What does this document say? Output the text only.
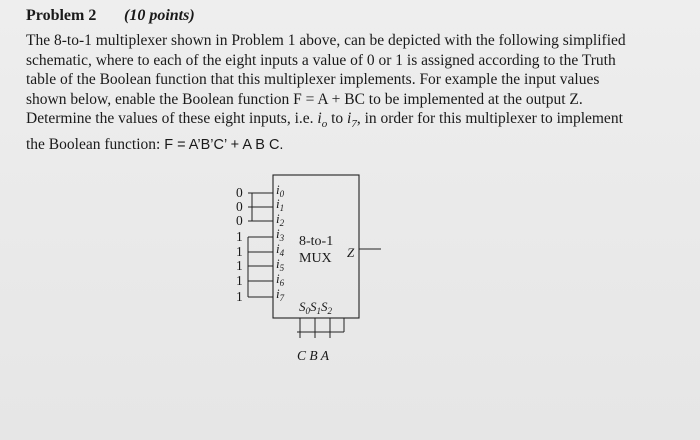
Problem 2 (10 points)
The 8-to-1 multiplexer shown in Problem 1 above, can be depicted with the following simplified
schematic, where to each of the eight inputs a value of 0 or 1 is assigned according to the Truth
table of the Boolean function that this multiplexer implements. For example the input values
shown below, enable the Boolean function F = A + BC to be implemented at the output Z.
Determine the values of these eight inputs, i.e. $i_o$ to $i_7$, in order for this multiplexer to implement
the Boolean function: F = A’B’C’ + A B C.
0
0
0
1
1
1
1
1
$i_0$
$i_1$
$i_2$
$i_3$
$i_4$
$i_5$
$i_6$
$i_7$
8-to-1
MUX Z
$S_0S_1S_2$
C B A
